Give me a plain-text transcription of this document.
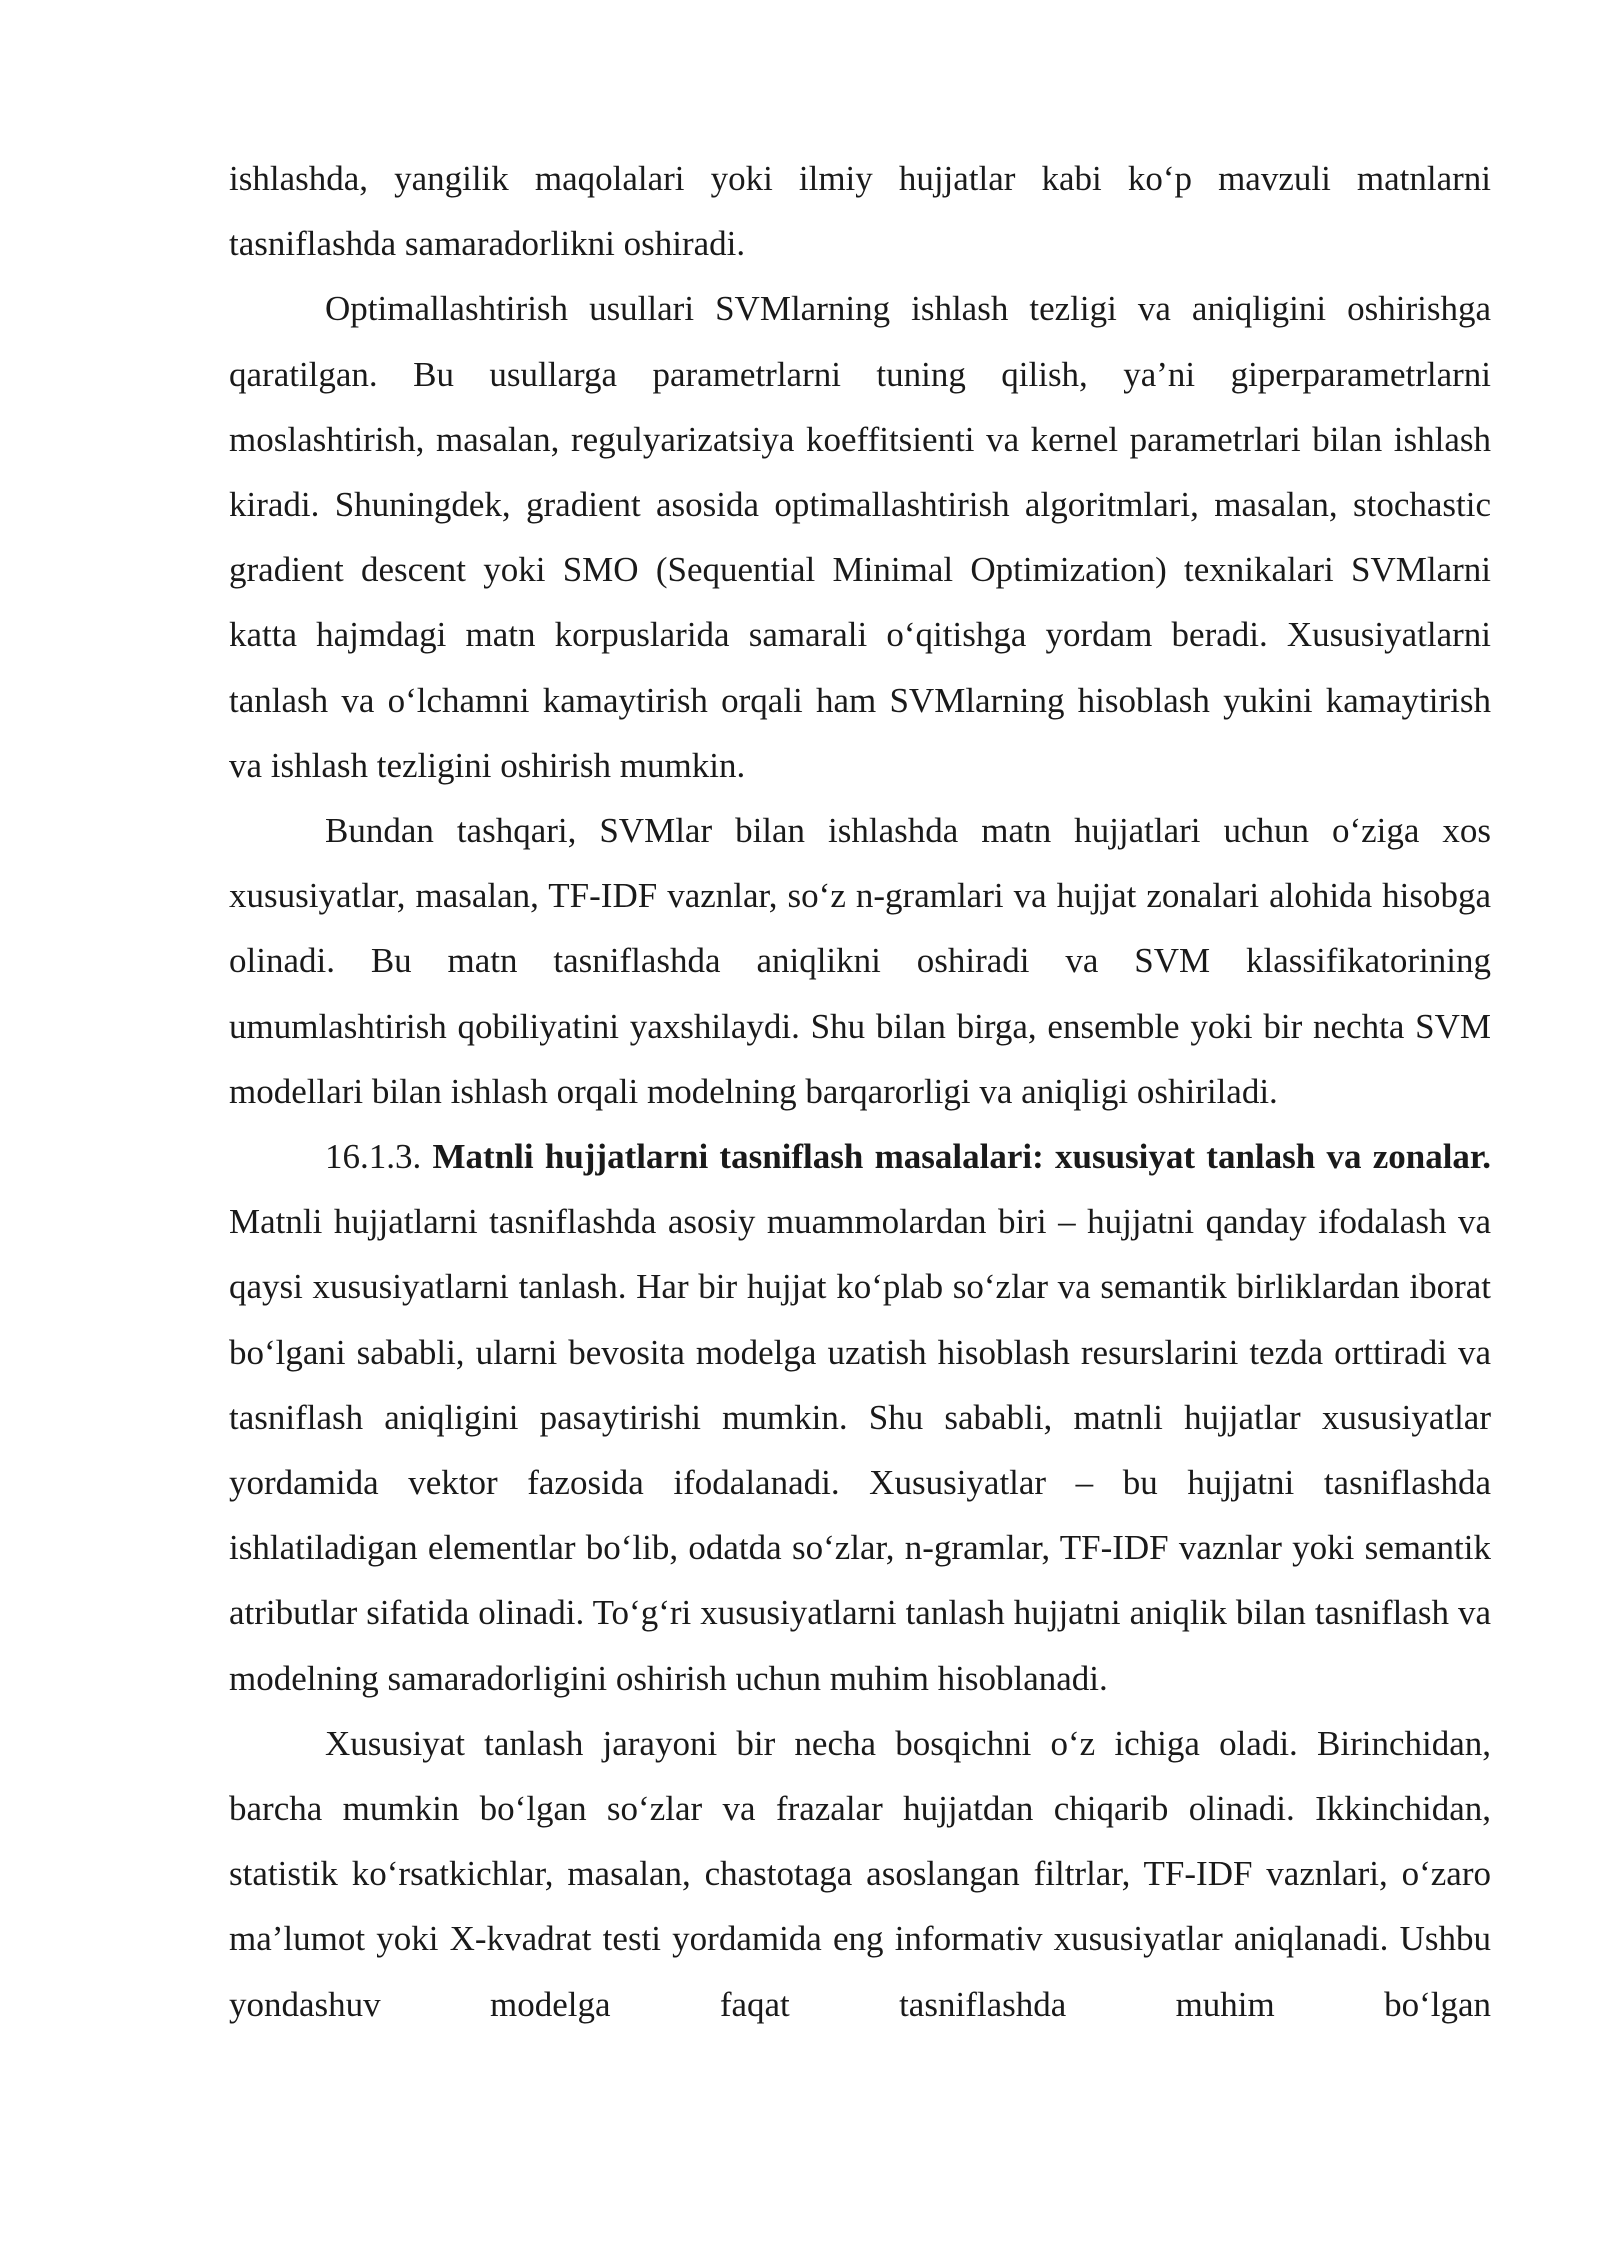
ishlashda, yangilik maqolalari yoki ilmiy hujjatlar kabi ko‘p mavzuli matnlarni tasniflashda samaradorlikni oshiradi.

Optimallashtirish usullari SVMlarning ishlash tezligi va aniqligini oshirishga qaratilgan. Bu usullarga parametrlarni tuning qilish, ya’ni giperparametrlarni moslashtirish, masalan, regulyarizatsiya koeffitsienti va kernel parametrlari bilan ishlash kiradi. Shuningdek, gradient asosida optimallashtirish algoritmlari, masalan, stochastic gradient descent yoki SMO (Sequential Minimal Optimization) texnikalari SVMlarni katta hajmdagi matn korpuslarida samarali o‘qitishga yordam beradi. Xususiyatlarni tanlash va o‘lchamni kamaytirish orqali ham SVMlarning hisoblash yukini kamaytirish va ishlash tezligini oshirish mumkin.

Bundan tashqari, SVMlar bilan ishlashda matn hujjatlari uchun o‘ziga xos xususiyatlar, masalan, TF-IDF vaznlar, so‘z n-gramlari va hujjat zonalari alohida hisobga olinadi. Bu matn tasniflashda aniqlikni oshiradi va SVM klassifikatorining umumlashtirish qobiliyatini yaxshilaydi. Shu bilan birga, ensemble yoki bir nechta SVM modellari bilan ishlash orqali modelning barqarorligi va aniqligi oshiriladi.

16.1.3. Matnli hujjatlarni tasniflash masalalari: xususiyat tanlash va zonalar. Matnli hujjatlarni tasniflashda asosiy muammolardan biri – hujjatni qanday ifodalash va qaysi xususiyatlarni tanlash. Har bir hujjat ko‘plab so‘zlar va semantik birliklardan iborat bo‘lgani sababli, ularni bevosita modelga uzatish hisoblash resurslarini tezda orttiradi va tasniflash aniqligini pasaytirishi mumkin. Shu sababli, matnli hujjatlar xususiyatlar yordamida vektor fazosida ifodalanadi. Xususiyatlar – bu hujjatni tasniflashda ishlatiladigan elementlar bo‘lib, odatda so‘zlar, n-gramlar, TF-IDF vaznlar yoki semantik atributlar sifatida olinadi. To‘g‘ri xususiyatlarni tanlash hujjatni aniqlik bilan tasniflash va modelning samaradorligini oshirish uchun muhim hisoblanadi.

Xususiyat tanlash jarayoni bir necha bosqichni o‘z ichiga oladi. Birinchidan, barcha mumkin bo‘lgan so‘zlar va frazalar hujjatdan chiqarib olinadi. Ikkinchidan, statistik ko‘rsatkichlar, masalan, chastotaga asoslangan filtrlar, TF-IDF vaznlari, o‘zaro ma’lumot yoki X-kvadrat testi yordamida eng informativ xususiyatlar aniqlanadi. Ushbu yondashuv modelga faqat tasniflashda muhim bo‘lgan
